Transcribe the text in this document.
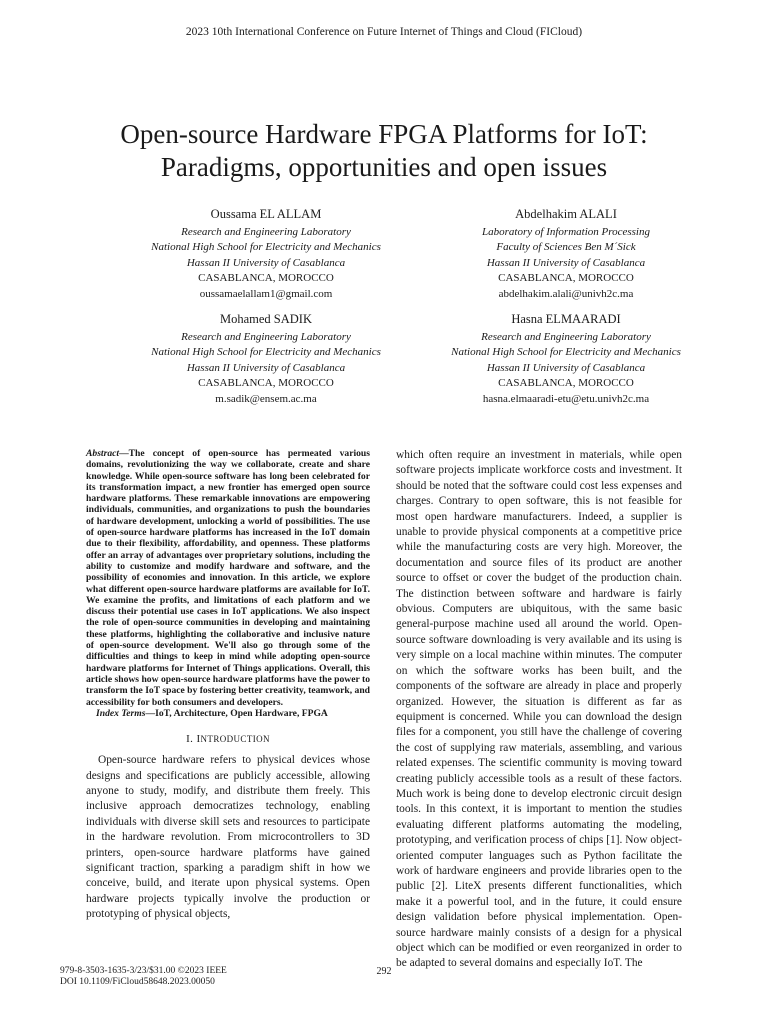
2023 10th International Conference on Future Internet of Things and Cloud (FICloud)
Open-source Hardware FPGA Platforms for IoT:
Paradigms, opportunities and open issues
Oussama EL ALLAM
Research and Engineering Laboratory
National High School for Electricity and Mechanics
Hassan II University of Casablanca
CASABLANCA, MOROCCO
oussamaelallam1@gmail.com
Abdelhakim ALALI
Laboratory of Information Processing
Faculty of Sciences Ben M´Sick
Hassan II University of Casablanca
CASABLANCA, MOROCCO
abdelhakim.alali@univh2c.ma
Mohamed SADIK
Research and Engineering Laboratory
National High School for Electricity and Mechanics
Hassan II University of Casablanca
CASABLANCA, MOROCCO
m.sadik@ensem.ac.ma
Hasna ELMAARADI
Research and Engineering Laboratory
National High School for Electricity and Mechanics
Hassan II University of Casablanca
CASABLANCA, MOROCCO
hasna.elmaaradi-etu@etu.univh2c.ma

Abstract—The concept of open-source has permeated various domains, revolutionizing the way we collaborate, create and share knowledge. While open-source software has long been celebrated for its transformation impact, a new frontier has emerged open source hardware platforms. These remarkable innovations are empowering individuals, communities, and organizations to push the boundaries of hardware development, unlocking a world of possibilities. The use of open-source hardware platforms has increased in the IoT domain due to their flexibility, affordability, and openness. These platforms offer an array of advantages over proprietary solutions, including the ability to customize and modify hardware and software, and the possibility of economies and innovation. In this article, we explore what different open-source hardware platforms are available for IoT. We examine the profits, and limitations of each platform and we discuss their potential use cases in IoT applications. We also inspect the role of open-source communities in developing and maintaining these platforms, highlighting the collaborative and inclusive nature of open-source development. We'll also go through some of the difficulties and things to keep in mind while adopting open-source hardware platforms for Internet of Things applications. Overall, this article shows how open-source hardware platforms have the power to transform the IoT space by fostering better creativity, teamwork, and accessibility for both consumers and developers.

Index Terms—IoT, Architecture, Open Hardware, FPGA

I. INTRODUCTION

Open-source hardware refers to physical devices whose designs and specifications are publicly accessible, allowing anyone to study, modify, and distribute them freely. This inclusive approach democratizes technology, enabling individuals with diverse skill sets and resources to participate in the hardware revolution. From microcontrollers to 3D printers, open-source hardware platforms have gained significant traction, sparking a paradigm shift in how we conceive, build, and iterate upon physical systems. Open hardware projects typically involve the production or prototyping of physical objects,

which often require an investment in materials, while open software projects implicate workforce costs and investment. It should be noted that the software could cost less expenses and charges. Contrary to open software, this is not feasible for most open hardware manufacturers. Indeed, a supplier is unable to provide physical components at a competitive price while the manufacturing costs are very high. Moreover, the documentation and source files of its product are another source to offset or cover the budget of the production chain. The distinction between software and hardware is fairly obvious. Computers are ubiquitous, with the same basic general-purpose machine used all around the world. Open-source software downloading is very available and its using is very simple on a local machine within minutes. The computer on which the software works has been built, and the components of the software are already in place and properly organized. However, the situation is different as far as equipment is concerned. While you can download the design files for a component, you still have the challenge of covering the cost of supplying raw materials, assembling, and various related expenses. The scientific community is moving toward creating publicly accessible tools as a result of these factors. Much work is being done to develop electronic circuit design tools. In this context, it is important to mention the studies evaluating different platforms automating the modeling, prototyping, and verification process of chips [1]. Now object-oriented computer languages such as Python facilitate the work of hardware engineers and provide libraries open to the public [2]. LiteX presents different functionalities, which make it a powerful tool, and in the future, it could ensure design validation before physical implementation. Open-source hardware mainly consists of a design for a physical object which can be modified or even reorganized in order to be adapted to several domains and especially IoT. The

979-8-3503-1635-3/23/$31.00 ©2023 IEEE
DOI 10.1109/FiCloud58648.2023.00050
292
